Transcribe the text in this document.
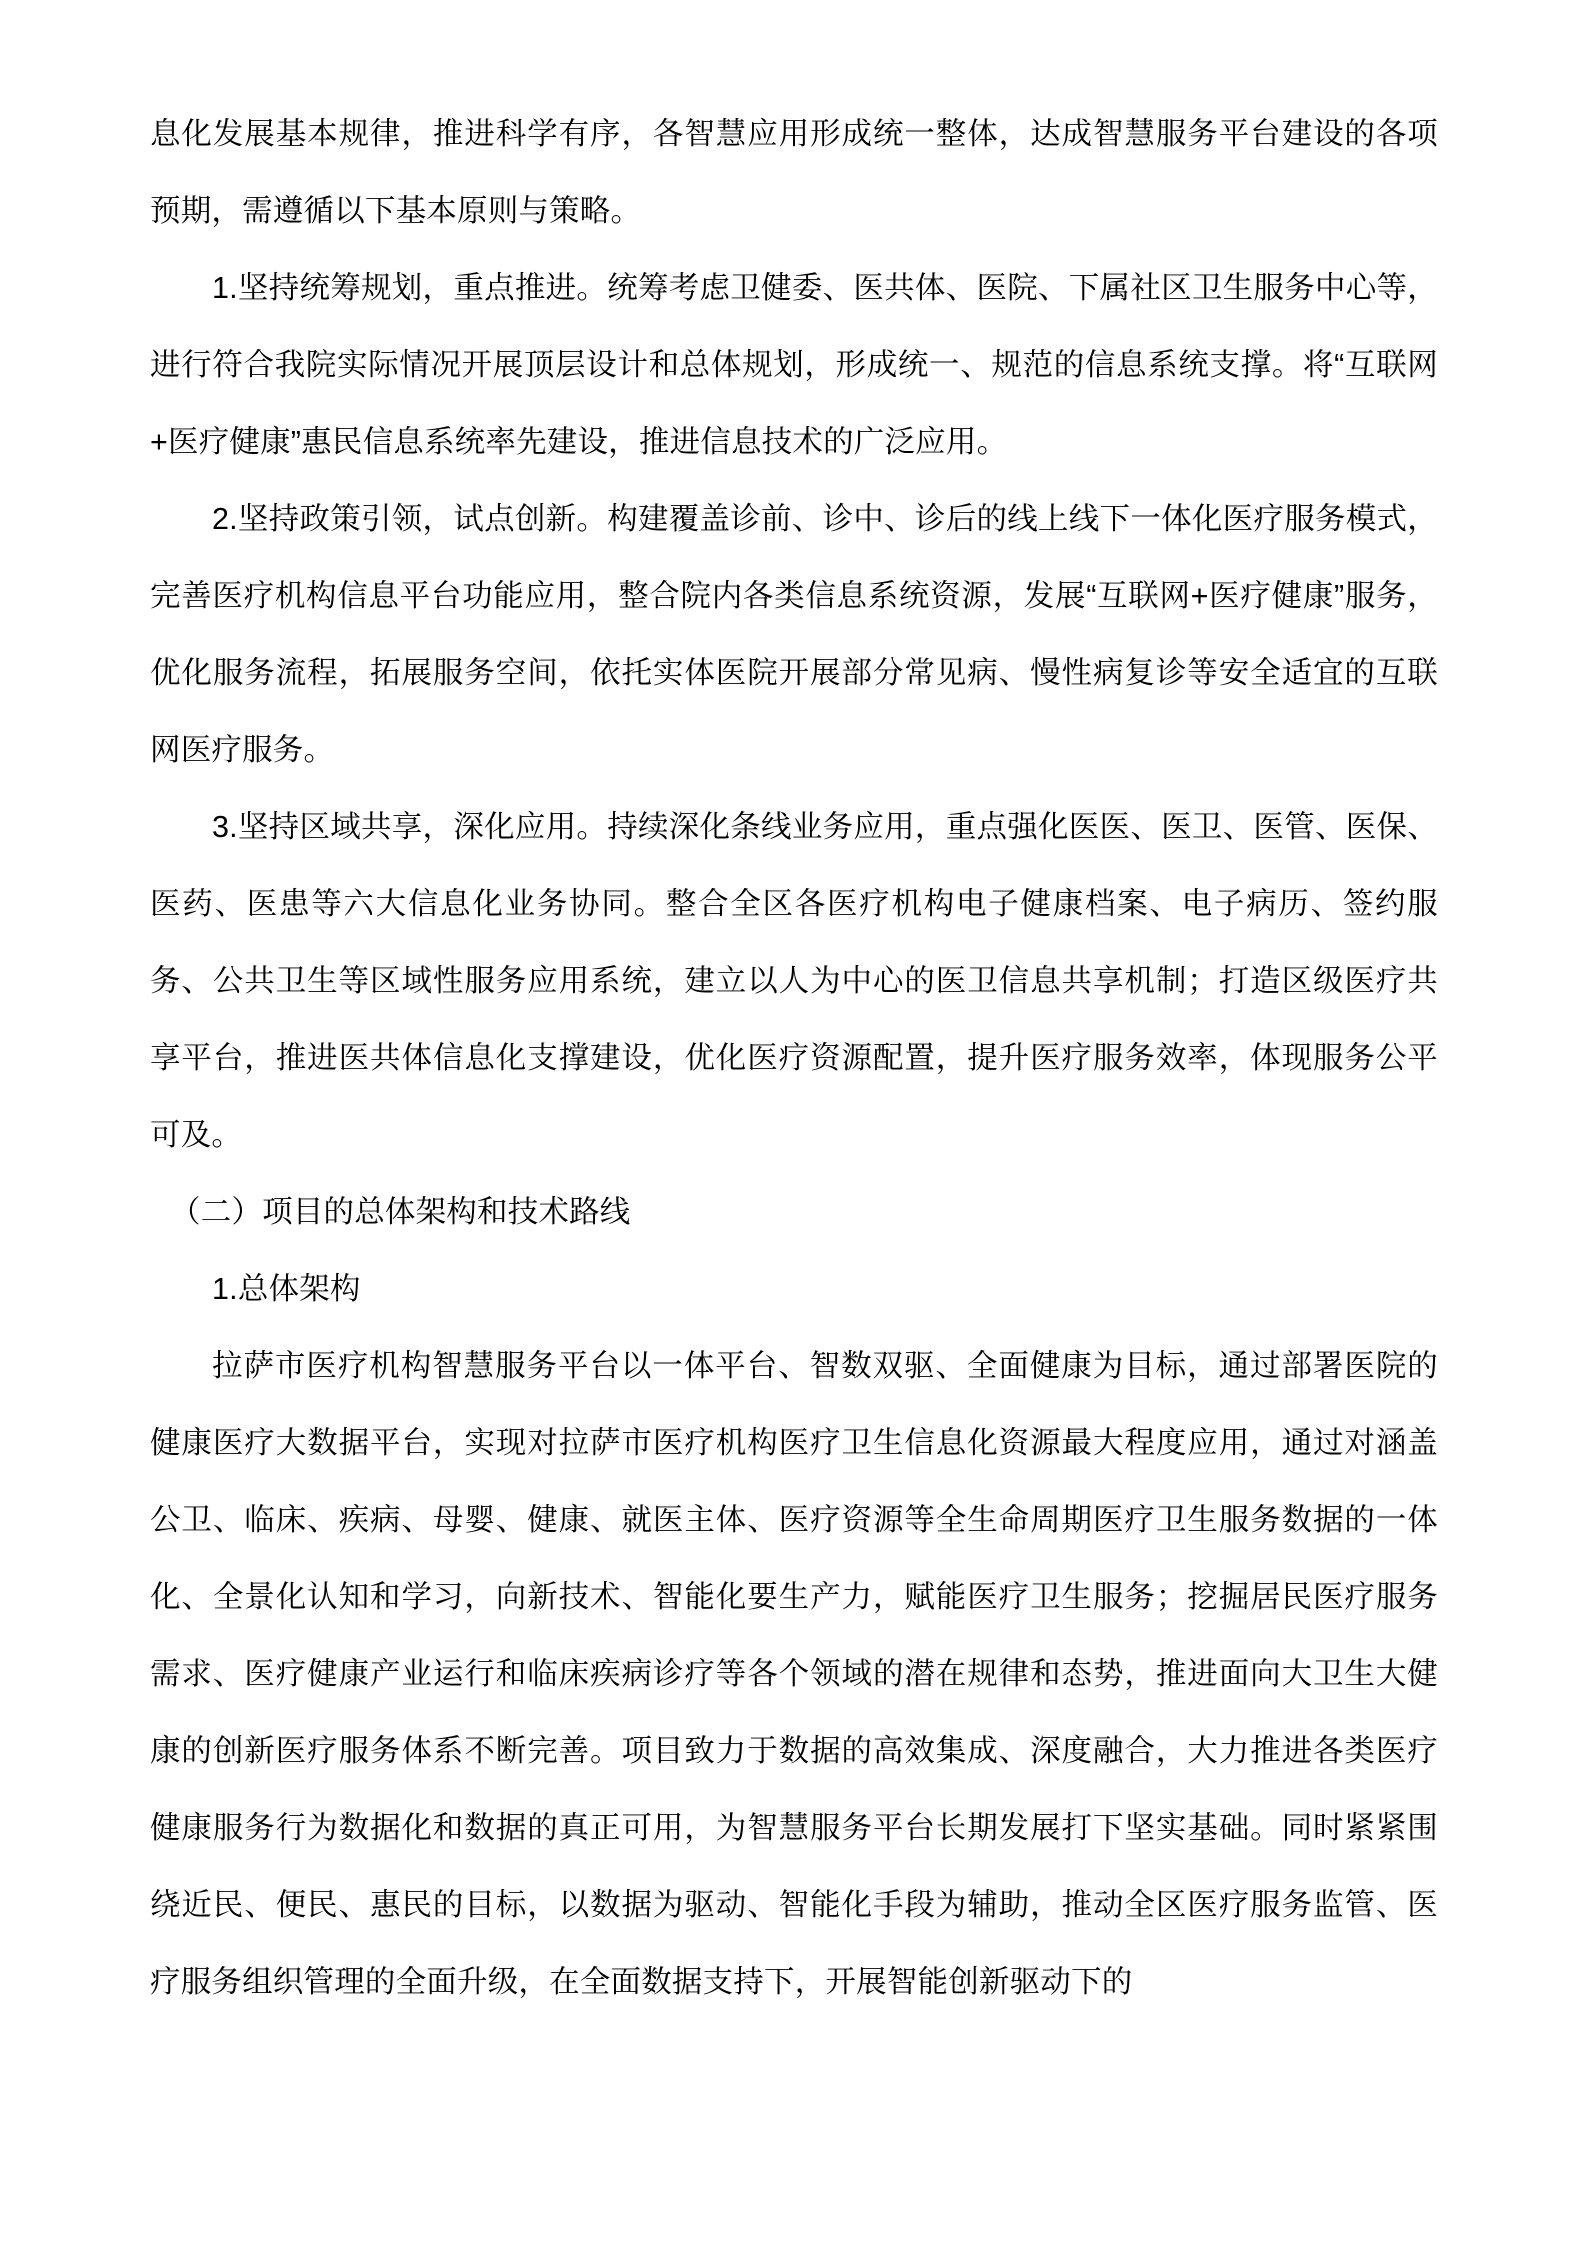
息化发展基本规律，推进科学有序，各智慧应用形成统一整体，达成智慧服务平台建设的各项预期，需遵循以下基本原则与策略。

1.坚持统筹规划，重点推进。统筹考虑卫健委、医共体、医院、下属社区卫生服务中心等，进行符合我院实际情况开展顶层设计和总体规划，形成统一、规范的信息系统支撑。将“互联网+医疗健康”惠民信息系统率先建设，推进信息技术的广泛应用。

2.坚持政策引领，试点创新。构建覆盖诊前、诊中、诊后的线上线下一体化医疗服务模式，完善医疗机构信息平台功能应用，整合院内各类信息系统资源，发展“互联网+医疗健康”服务，优化服务流程，拓展服务空间，依托实体医院开展部分常见病、慢性病复诊等安全适宜的互联网医疗服务。

3.坚持区域共享，深化应用。持续深化条线业务应用，重点强化医医、医卫、医管、医保、医药、医患等六大信息化业务协同。整合全区各医疗机构电子健康档案、电子病历、签约服务、公共卫生等区域性服务应用系统，建立以人为中心的医卫信息共享机制；打造区级医疗共享平台，推进医共体信息化支撑建设，优化医疗资源配置，提升医疗服务效率，体现服务公平可及。

（二）项目的总体架构和技术路线

1.总体架构

拉萨市医疗机构智慧服务平台以一体平台、智数双驱、全面健康为目标，通过部署医院的健康医疗大数据平台，实现对拉萨市医疗机构医疗卫生信息化资源最大程度应用，通过对涵盖公卫、临床、疾病、母婴、健康、就医主体、医疗资源等全生命周期医疗卫生服务数据的一体化、全景化认知和学习，向新技术、智能化要生产力，赋能医疗卫生服务；挖掘居民医疗服务需求、医疗健康产业运行和临床疾病诊疗等各个领域的潜在规律和态势，推进面向大卫生大健康的创新医疗服务体系不断完善。项目致力于数据的高效集成、深度融合，大力推进各类医疗健康服务行为数据化和数据的真正可用，为智慧服务平台长期发展打下坚实基础。同时紧紧围绕近民、便民、惠民的目标，以数据为驱动、智能化手段为辅助，推动全区医疗服务监管、医疗服务组织管理的全面升级，在全面数据支持下，开展智能创新驱动下的
